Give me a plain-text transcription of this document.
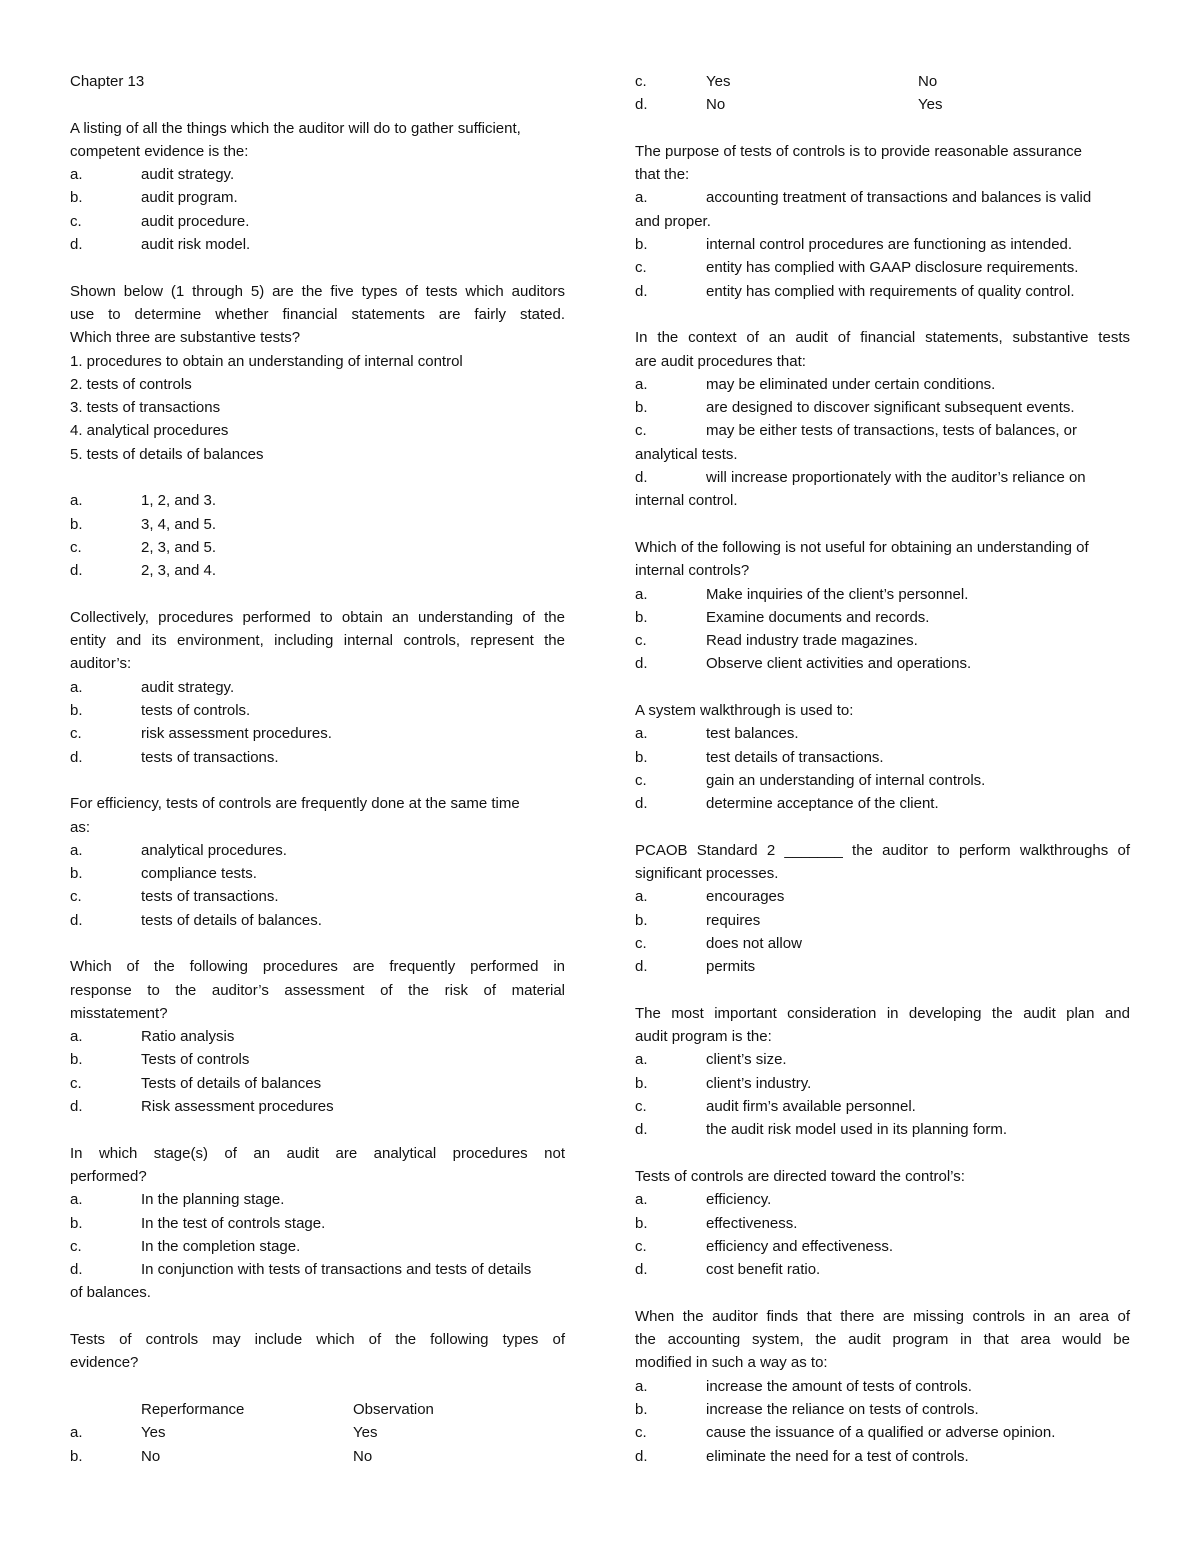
Chapter 13

A listing of all the things which the auditor will do to gather sufficient,

competent evidence is the:

a.	audit strategy.
b.	audit program.
c.	audit procedure.
d.	audit risk model.

Shown below (1 through 5) are the five types of tests which auditors

use to determine whether financial statements are fairly stated.

Which three are substantive tests?

1. procedures to obtain an understanding of internal control

2. tests of controls

3. tests of transactions

4. analytical procedures

5. tests of details of balances

a.	1, 2, and 3.
b.	3, 4, and 5.
c.	2, 3, and 5.
d.	2, 3, and 4.

Collectively, procedures performed to obtain an understanding of the

entity and its environment, including internal controls, represent the

auditor’s:

a.	audit strategy.
b.	tests of controls.
c.	risk assessment procedures.
d.	tests of transactions.

For efficiency, tests of controls are frequently done at the same time

as:

a.	analytical procedures.
b.	compliance tests.
c.	tests of transactions.
d.	tests of details of balances.

Which of the following procedures are frequently performed in

response to the auditor’s assessment of the risk of material

misstatement?

a.	Ratio analysis
b.	Tests of controls
c.	Tests of details of balances
d.	Risk assessment procedures

In which stage(s) of an audit are analytical procedures not

performed?

a.	In the planning stage.
b.	In the test of controls stage.
c.	In the completion stage.
d.	In conjunction with tests of transactions and tests of details

of balances.

Tests of controls may include which of the following types of

evidence?

Reperformance	Observation
a.	Yes	Yes
b.	No	No
c.	Yes	No
d.	No	Yes

The purpose of tests of controls is to provide reasonable assurance

that the:

a.	accounting treatment of transactions and balances is valid

and proper.

b.	internal control procedures are functioning as intended.
c.	entity has complied with GAAP disclosure requirements.
d.	entity has complied with requirements of quality control.

In the context of an audit of financial statements, substantive tests

are audit procedures that:

a.	may be eliminated under certain conditions.
b.	are designed to discover significant subsequent events.
c.	may be either tests of transactions, tests of balances, or

analytical tests.

d.	will increase proportionately with the auditor’s reliance on

internal control.

Which of the following is not useful for obtaining an understanding of

internal controls?

a.	Make inquiries of the client’s personnel.
b.	Examine documents and records.
c.	Read industry trade magazines.
d.	Observe client activities and operations.

A system walkthrough is used to:

a.	test balances.
b.	test details of transactions.
c.	gain an understanding of internal controls.
d.	determine acceptance of the client.

PCAOB Standard 2 _______ the auditor to perform walkthroughs of

significant processes.

a.	encourages
b.	requires
c.	does not allow
d.	permits

The most important consideration in developing the audit plan and

audit program is the:

a.	client’s size.
b.	client’s industry.
c.	audit firm’s available personnel.
d.	the audit risk model used in its planning form.

Tests of controls are directed toward the control’s:

a.	efficiency.
b.	effectiveness.
c.	efficiency and effectiveness.
d.	cost benefit ratio.

When the auditor finds that there are missing controls in an area of

the accounting system, the audit program in that area would be

modified in such a way as to:

a.	increase the amount of tests of controls.
b.	increase the reliance on tests of controls.
c.	cause the issuance of a qualified or adverse opinion.
d.	eliminate the need for a test of controls.
